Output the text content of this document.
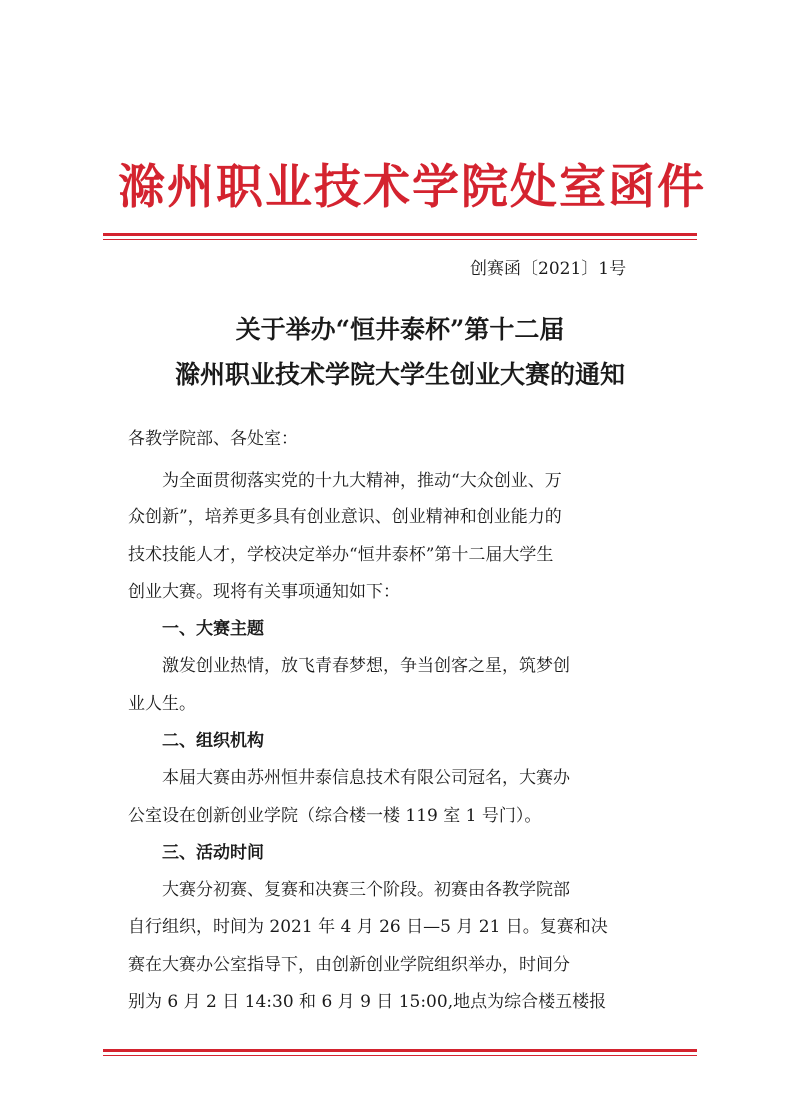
滁州职业技术学院处室函件
创赛函〔2021〕1号
关于举办“恒井泰杯”第十二届
滁州职业技术学院大学生创业大赛的通知
各教学院部、各处室：
为全面贯彻落实党的十九大精神，推动“大众创业、万
众创新”，培养更多具有创业意识、创业精神和创业能力的
技术技能人才，学校决定举办“恒井泰杯”第十二届大学生
创业大赛。现将有关事项通知如下：
一、大赛主题
激发创业热情，放飞青春梦想，争当创客之星，筑梦创
业人生。
二、组织机构
本届大赛由苏州恒井泰信息技术有限公司冠名，大赛办
公室设在创新创业学院（综合楼一楼 119 室 1 号门）。
三、活动时间
大赛分初赛、复赛和决赛三个阶段。初赛由各教学院部
自行组织，时间为 2021 年 4 月 26 日—5 月 21 日。复赛和决
赛在大赛办公室指导下，由创新创业学院组织举办，时间分
别为 6 月 2 日 14:30 和 6 月 9 日 15:00,地点为综合楼五楼报
